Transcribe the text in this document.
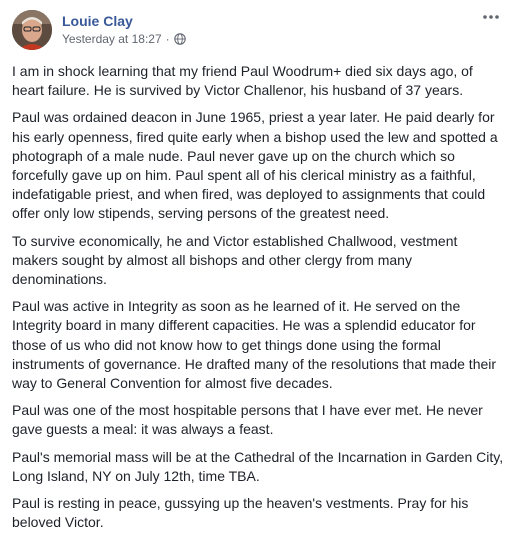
Louie Clay
Yesterday at 18:27 ·

I am in shock learning that my friend Paul Woodrum+ died six days ago, of heart failure. He is survived by Victor Challenor, his husband of 37 years.

Paul was ordained deacon in June 1965, priest a year later. He paid dearly for his early openness, fired quite early when a bishop used the lew and spotted a photograph of a male nude. Paul never gave up on the church which so forcefully gave up on him. Paul spent all of his clerical ministry as a faithful, indefatigable priest, and when fired, was deployed to assignments that could offer only low stipends, serving persons of the greatest need.

To survive economically, he and Victor established Challwood, vestment makers sought by almost all bishops and other clergy from many denominations.

Paul was active in Integrity as soon as he learned of it. He served on the Integrity board in many different capacities. He was a splendid educator for those of us who did not know how to get things done using the formal instruments of governance. He drafted many of the resolutions that made their way to General Convention for almost five decades.

Paul was one of the most hospitable persons that I have ever met. He never gave guests a meal: it was always a feast.

Paul's memorial mass will be at the Cathedral of the Incarnation in Garden City, Long Island, NY on July 12th, time TBA.

Paul is resting in peace, gussying up the heaven's vestments. Pray for his beloved Victor.
